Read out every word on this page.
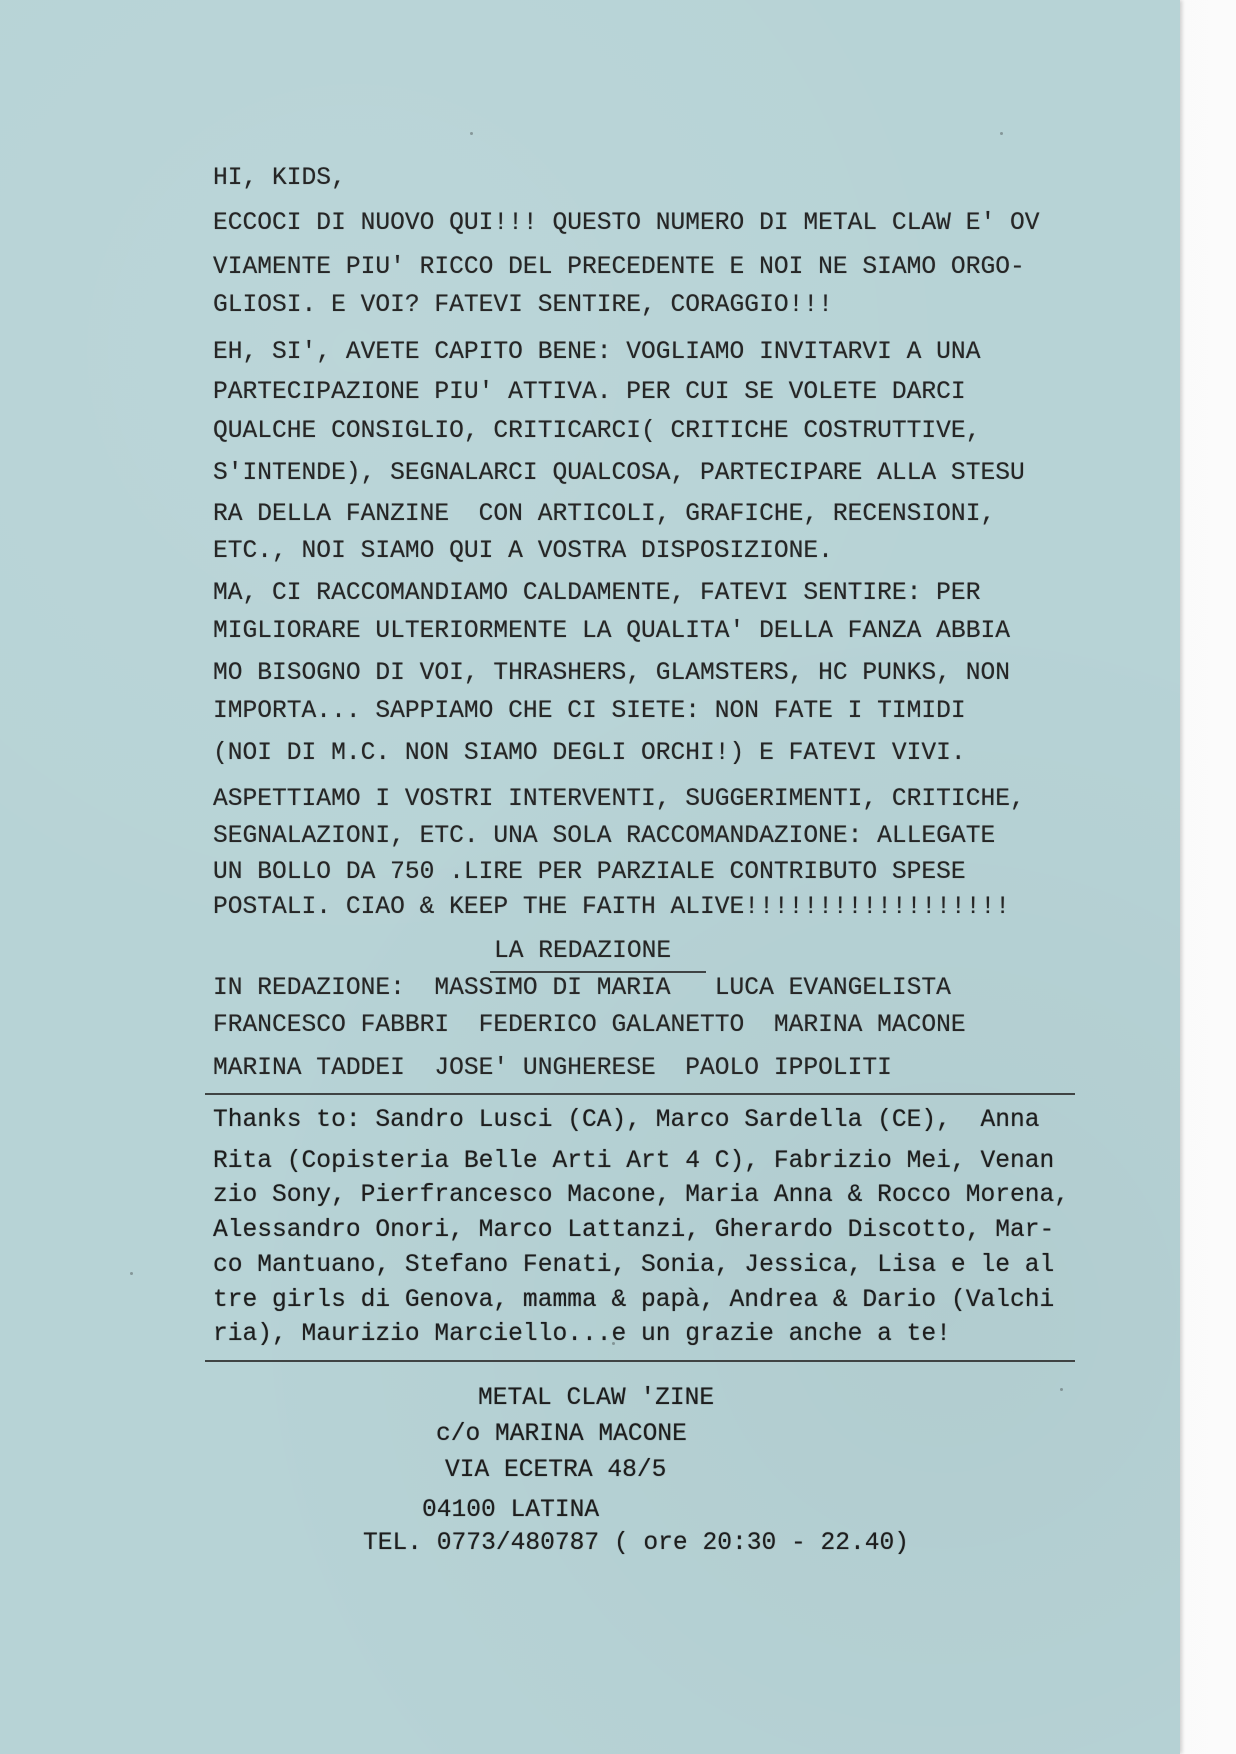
HI, KIDS,
ECCOCI DI NUOVO QUI!!! QUESTO NUMERO DI METAL CLAW E' OV
VIAMENTE PIU' RICCO DEL PRECEDENTE E NOI NE SIAMO ORGO-
GLIOSI. E VOI? FATEVI SENTIRE, CORAGGIO!!!
EH, SI', AVETE CAPITO BENE: VOGLIAMO INVITARVI A UNA
PARTECIPAZIONE PIU' ATTIVA. PER CUI SE VOLETE DARCI
QUALCHE CONSIGLIO, CRITICARCI( CRITICHE COSTRUTTIVE,
S'INTENDE), SEGNALARCI QUALCOSA, PARTECIPARE ALLA STESU
RA DELLA FANZINE  CON ARTICOLI, GRAFICHE, RECENSIONI,
ETC., NOI SIAMO QUI A VOSTRA DISPOSIZIONE.
MA, CI RACCOMANDIAMO CALDAMENTE, FATEVI SENTIRE: PER
MIGLIORARE ULTERIORMENTE LA QUALITA' DELLA FANZA ABBIA
MO BISOGNO DI VOI, THRASHERS, GLAMSTERS, HC PUNKS, NON
IMPORTA... SAPPIAMO CHE CI SIETE: NON FATE I TIMIDI
(NOI DI M.C. NON SIAMO DEGLI ORCHI!) E FATEVI VIVI.
ASPETTIAMO I VOSTRI INTERVENTI, SUGGERIMENTI, CRITICHE,
SEGNALAZIONI, ETC. UNA SOLA RACCOMANDAZIONE: ALLEGATE
UN BOLLO DA 750 .LIRE PER PARZIALE CONTRIBUTO SPESE
POSTALI. CIAO & KEEP THE FAITH ALIVE!!!!!!!!!!!!!!!!!!
LA REDAZIONE
IN REDAZIONE:  MASSIMO DI MARIA   LUCA EVANGELISTA
FRANCESCO FABBRI  FEDERICO GALANETTO  MARINA MACONE
MARINA TADDEI  JOSE' UNGHERESE  PAOLO IPPOLITI
Thanks to: Sandro Lusci (CA), Marco Sardella (CE),  Anna
Rita (Copisteria Belle Arti Art 4 C), Fabrizio Mei, Venan
zio Sony, Pierfrancesco Macone, Maria Anna & Rocco Morena,
Alessandro Onori, Marco Lattanzi, Gherardo Discotto, Mar-
co Mantuano, Stefano Fenati, Sonia, Jessica, Lisa e le al
tre girls di Genova, mamma & papà, Andrea & Dario (Valchi
ria), Maurizio Marciello...e un grazie anche a te!
METAL CLAW 'ZINE
c/o MARINA MACONE
VIA ECETRA 48/5
04100 LATINA
TEL. 0773/480787 ( ore 20:30 - 22.40)
